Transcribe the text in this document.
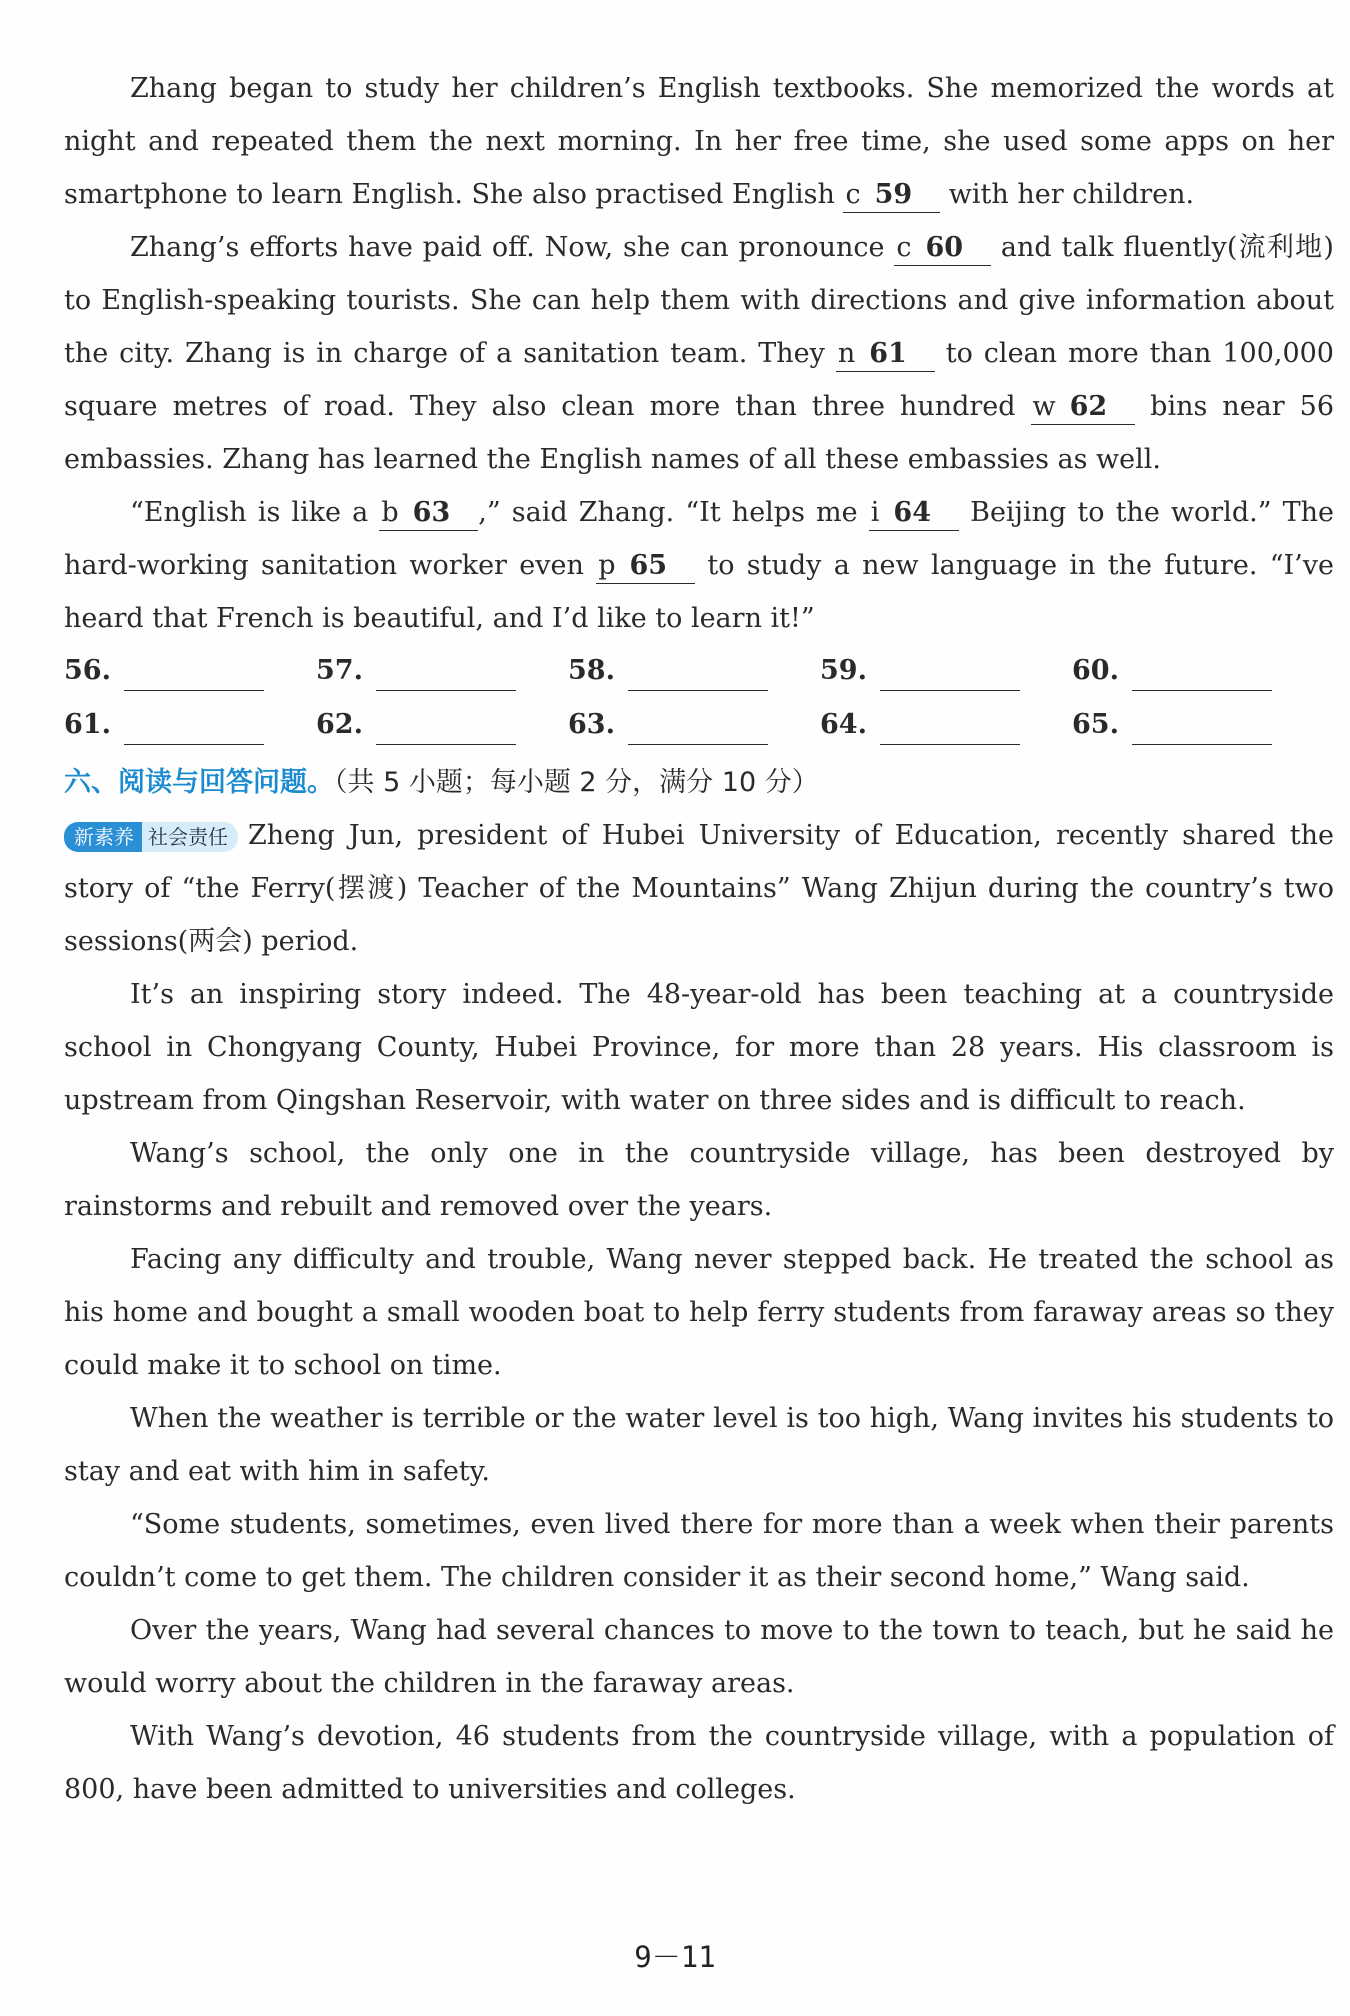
Zhang began to study her children’s English textbooks. She memorized the words at night and repeated them the next morning. In her free time, she used some apps on her smartphone to learn English. She also practised English c 59 with her children.

Zhang’s efforts have paid off. Now, she can pronounce c 60 and talk fluently(流利地) to English-speaking tourists. She can help them with directions and give information about the city. Zhang is in charge of a sanitation team. They n 61 to clean more than 100,000 square metres of road. They also clean more than three hundred w 62 bins near 56 embassies. Zhang has learned the English names of all these embassies as well.

“English is like a b 63 ,” said Zhang. “It helps me i 64 Beijing to the world.” The hard-working sanitation worker even p 65 to study a new language in the future. “I’ve heard that French is beautiful, and I’d like to learn it!”

56.	57.	58.	59.	60.
61.	62.	63.	64.	65.
六、阅读与回答问题。（共 5 小题；每小题 2 分，满分 10 分）

新素养 社会责任 Zheng Jun, president of Hubei University of Education, recently shared the story of “the Ferry(摆渡) Teacher of the Mountains” Wang Zhijun during the country’s two sessions(两会) period.

It’s an inspiring story indeed. The 48-year-old has been teaching at a countryside school in Chongyang County, Hubei Province, for more than 28 years. His classroom is upstream from Qingshan Reservoir, with water on three sides and is difficult to reach.

Wang’s school, the only one in the countryside village, has been destroyed by rainstorms and rebuilt and removed over the years.

Facing any difficulty and trouble, Wang never stepped back. He treated the school as his home and bought a small wooden boat to help ferry students from faraway areas so they could make it to school on time.

When the weather is terrible or the water level is too high, Wang invites his students to stay and eat with him in safety.

“Some students, sometimes, even lived there for more than a week when their parents couldn’t come to get them. The children consider it as their second home,” Wang said.

Over the years, Wang had several chances to move to the town to teach, but he said he would worry about the children in the faraway areas.

With Wang’s devotion, 46 students from the countryside village, with a population of 800, have been admitted to universities and colleges.

9－11
